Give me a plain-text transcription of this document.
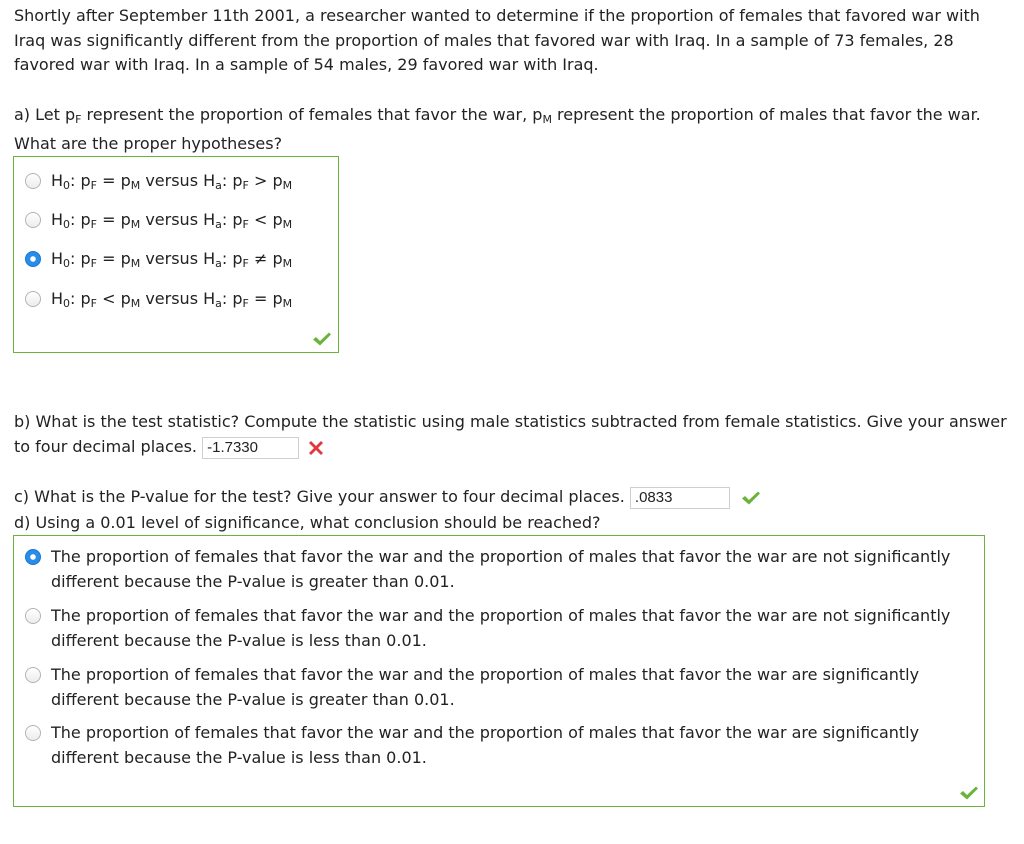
Shortly after September 11th 2001, a researcher wanted to determine if the proportion of females that favored war with Iraq was significantly different from the proportion of males that favored war with Iraq. In a sample of 73 females, 28 favored war with Iraq. In a sample of 54 males, 29 favored war with Iraq.

a) Let $p_F$ represent the proportion of females that favor the war, $p_M$ represent the proportion of males that favor the war.

What are the proper hypotheses?

$H_0$: $p_F = p_M$ versus $H_a$: $p_F > p_M$
$H_0$: $p_F = p_M$ versus $H_a$: $p_F < p_M$
$H_0$: $p_F = p_M$ versus $H_a$: $p_F \ne p_M$
$H_0$: $p_F < p_M$ versus $H_a$: $p_F = p_M$

b) What is the test statistic? Compute the statistic using male statistics subtracted from female statistics. Give your answer

to four decimal places. -1.7330

c) What is the P-value for the test? Give your answer to four decimal places. .0833

d) Using a 0.01 level of significance, what conclusion should be reached?

The proportion of females that favor the war and the proportion of males that favor the war are not significantly
different because the P-value is greater than 0.01.
The proportion of females that favor the war and the proportion of males that favor the war are not significantly
different because the P-value is less than 0.01.
The proportion of females that favor the war and the proportion of males that favor the war are significantly
different because the P-value is greater than 0.01.
The proportion of females that favor the war and the proportion of males that favor the war are significantly
different because the P-value is less than 0.01.
